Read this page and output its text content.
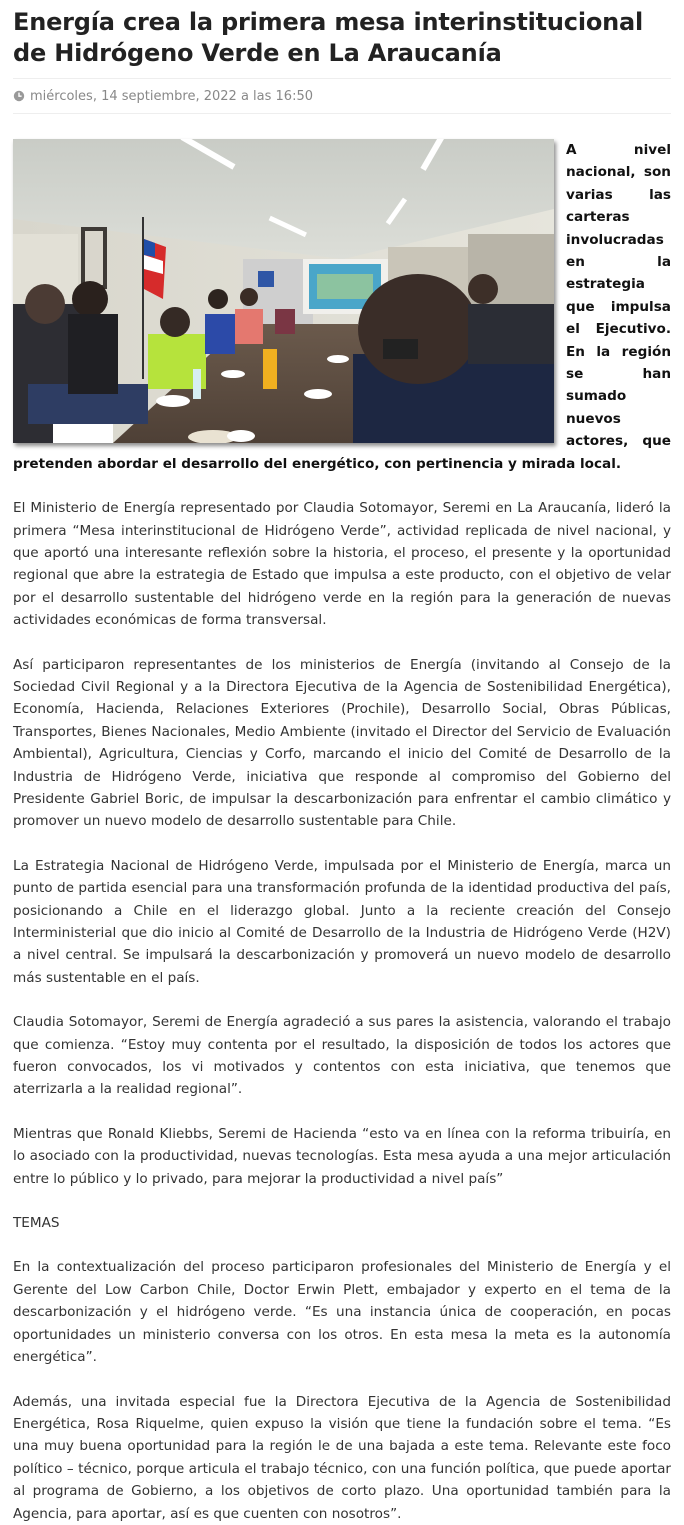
Energía crea la primera mesa interinstitucional de Hidrógeno Verde en La Araucanía
miércoles, 14 septiembre, 2022 a las 16:50

A nivel nacional, son varias las carteras involucradas en la estrategia que impulsa el Ejecutivo. En la región se han sumado nuevos actores, que pretenden abordar el desarrollo del energético, con pertinencia y mirada local.

El Ministerio de Energía representado por Claudia Sotomayor, Seremi en La Araucanía, lideró la primera “Mesa interinstitucional de Hidrógeno Verde”, actividad replicada de nivel nacional, y que aportó una interesante reflexión sobre la historia, el proceso, el presente y la oportunidad regional que abre la estrategia de Estado que impulsa a este producto, con el objetivo de velar por el desarrollo sustentable del hidrógeno verde en la región para la generación de nuevas actividades económicas de forma transversal.

Así participaron representantes de los ministerios de Energía (invitando al Consejo de la Sociedad Civil Regional y a la Directora Ejecutiva de la Agencia de Sostenibilidad Energética), Economía, Hacienda, Relaciones Exteriores (Prochile), Desarrollo Social, Obras Públicas, Transportes, Bienes Nacionales, Medio Ambiente (invitado el Director del Servicio de Evaluación Ambiental), Agricultura, Ciencias y Corfo, marcando el inicio del Comité de Desarrollo de la Industria de Hidrógeno Verde, iniciativa que responde al compromiso del Gobierno del Presidente Gabriel Boric, de impulsar la descarbonización para enfrentar el cambio climático y promover un nuevo modelo de desarrollo sustentable para Chile.

La Estrategia Nacional de Hidrógeno Verde, impulsada por el Ministerio de Energía, marca un punto de partida esencial para una transformación profunda de la identidad productiva del país, posicionando a Chile en el liderazgo global. Junto a la reciente creación del Consejo Interministerial que dio inicio al Comité de Desarrollo de la Industria de Hidrógeno Verde (H2V) a nivel central. Se impulsará la descarbonización y promoverá un nuevo modelo de desarrollo más sustentable en el país.

Claudia Sotomayor, Seremi de Energía agradeció a sus pares la asistencia, valorando el trabajo que comienza. “Estoy muy contenta por el resultado, la disposición de todos los actores que fueron convocados, los vi motivados y contentos con esta iniciativa, que tenemos que aterrizarla a la realidad regional”.

Mientras que Ronald Kliebbs, Seremi de Hacienda “esto va en línea con la reforma tribuiría, en lo asociado con la productividad, nuevas tecnologías. Esta mesa ayuda a una mejor articulación entre lo público y lo privado, para mejorar la productividad a nivel país”

TEMAS

En la contextualización del proceso participaron profesionales del Ministerio de Energía y el Gerente del Low Carbon Chile, Doctor Erwin Plett, embajador y experto en el tema de la descarbonización y el hidrógeno verde. “Es una instancia única de cooperación, en pocas oportunidades un ministerio conversa con los otros. En esta mesa la meta es la autonomía energética”.

Además, una invitada especial fue la Directora Ejecutiva de la Agencia de Sostenibilidad Energética, Rosa Riquelme, quien expuso la visión que tiene la fundación sobre el tema. “Es una muy buena oportunidad para la región le de una bajada a este tema. Relevante este foco político – técnico, porque articula el trabajo técnico, con una función política, que puede aportar al programa de Gobierno, a los objetivos de corto plazo. Una oportunidad también para la Agencia, para aportar, así es que cuenten con nosotros”.
